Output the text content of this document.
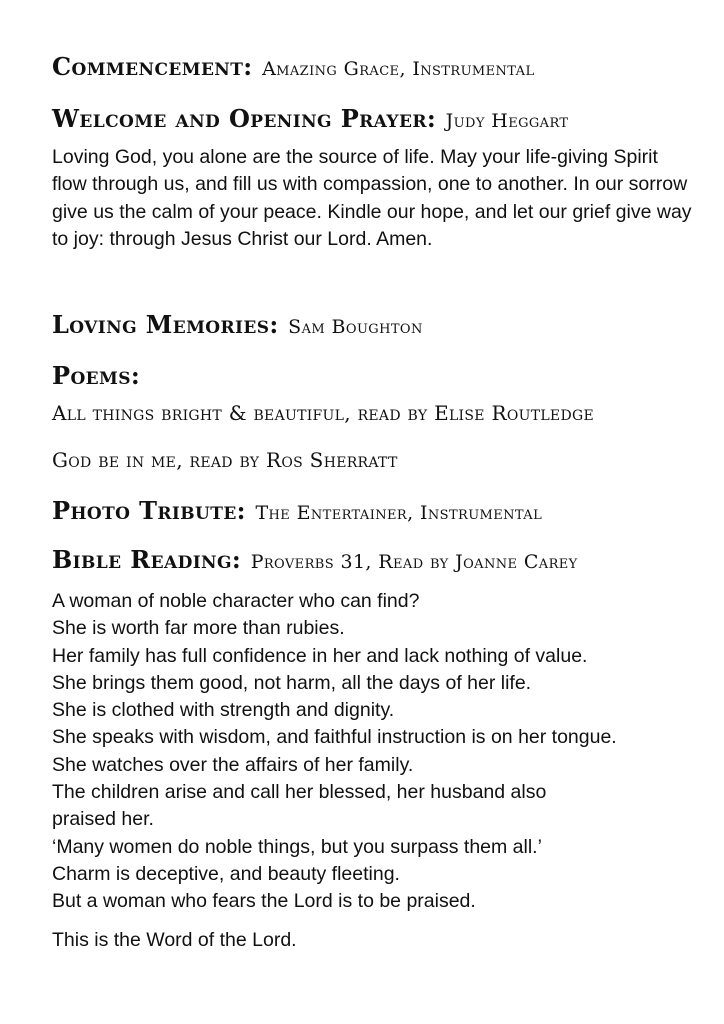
Commencement: Amazing Grace, Instrumental
Welcome and Opening Prayer: Judy Heggart

Loving God, you alone are the source of life. May your life-giving Spirit flow through us, and fill us with compassion, one to another. In our sorrow give us the calm of your peace. Kindle our hope, and let our grief give way to joy: through Jesus Christ our Lord. Amen.

Loving Memories: Sam Boughton
Poems:
All things bright & beautiful, read by Elise Routledge
God be in me, read by Ros Sherratt
Photo Tribute: The Entertainer, Instrumental
Bible Reading: Proverbs 31, Read by Joanne Carey
A woman of noble character who can find?
She is worth far more than rubies.
Her family has full confidence in her and lack nothing of value.
She brings them good, not harm, all the days of her life.
She is clothed with strength and dignity.
She speaks with wisdom, and faithful instruction is on her tongue.
She watches over the affairs of her family.
The children arise and call her blessed, her husband also
praised her.
‘Many women do noble things, but you surpass them all.’
Charm is deceptive, and beauty fleeting.
But a woman who fears the Lord is to be praised.

This is the Word of the Lord.
